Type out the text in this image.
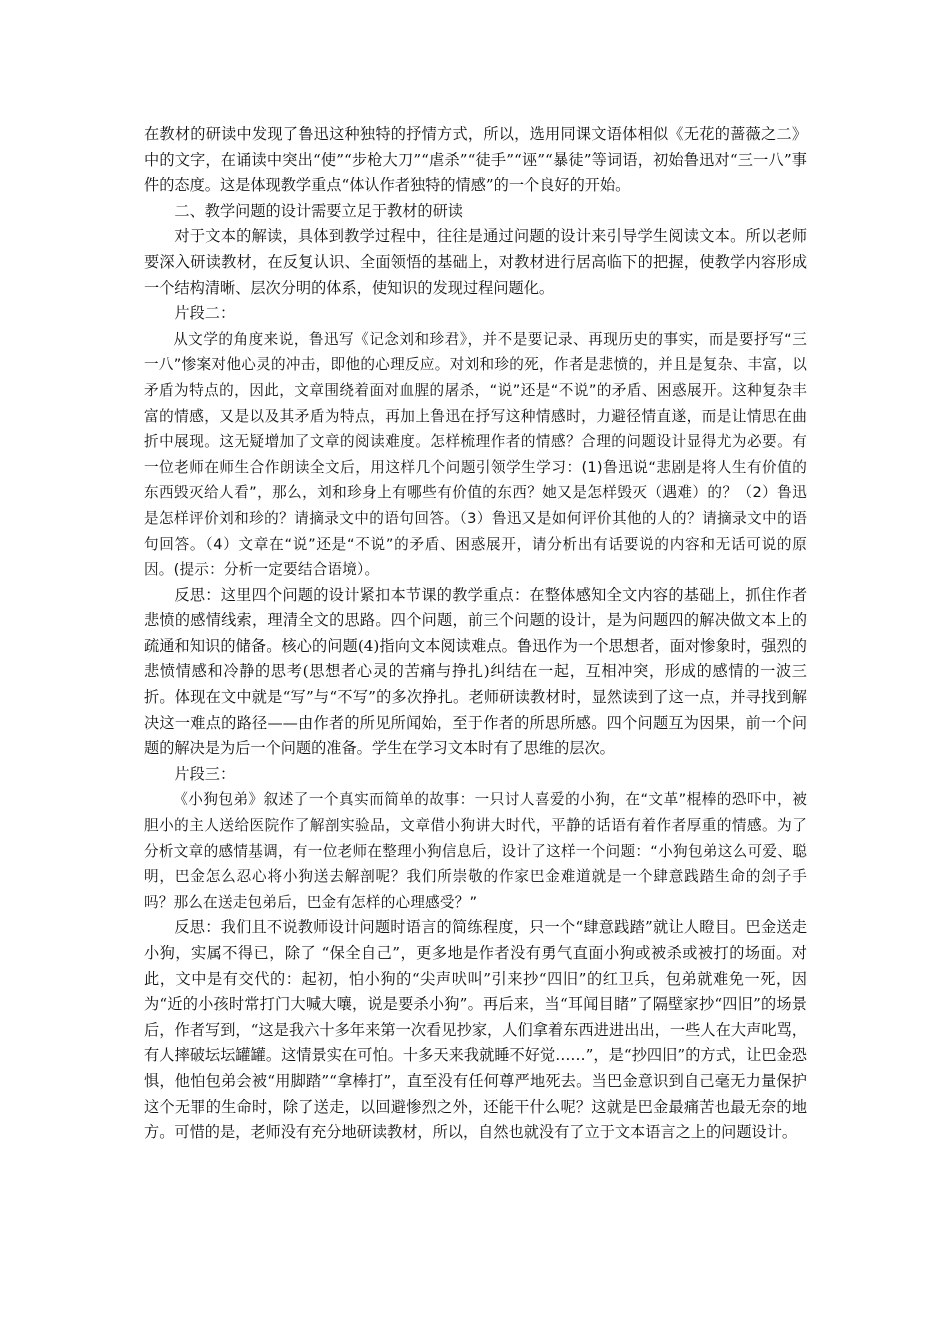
在教材的研读中发现了鲁迅这种独特的抒情方式，所以，选用同课文语体相似《无花的蔷薇之二》中的文字，在诵读中突出“使”“步枪大刀”“虐杀”“徒手”“诬”“暴徒”等词语，初始鲁迅对“三一八”事件的态度。这是体现教学重点“体认作者独特的情感”的一个良好的开始。

二、教学问题的设计需要立足于教材的研读

对于文本的解读，具体到教学过程中，往往是通过问题的设计来引导学生阅读文本。所以老师要深入研读教材，在反复认识、全面领悟的基础上，对教材进行居高临下的把握，使教学内容形成一个结构清晰、层次分明的体系，使知识的发现过程问题化。

片段二：

从文学的角度来说，鲁迅写《记念刘和珍君》，并不是要记录、再现历史的事实，而是要抒写“三一八”惨案对他心灵的冲击，即他的心理反应。对刘和珍的死，作者是悲愤的，并且是复杂、丰富，以矛盾为特点的，因此，文章围绕着面对血腥的屠杀，“说”还是“不说”的矛盾、困惑展开。这种复杂丰富的情感，又是以及其矛盾为特点，再加上鲁迅在抒写这种情感时，力避径情直遂，而是让情思在曲折中展现。这无疑增加了文章的阅读难度。怎样梳理作者的情感？合理的问题设计显得尤为必要。有一位老师在师生合作朗读全文后，用这样几个问题引领学生学习：(1)鲁迅说“悲剧是将人生有价值的东西毁灭给人看”，那么，刘和珍身上有哪些有价值的东西？她又是怎样毁灭（遇难）的？（2）鲁迅是怎样评价刘和珍的？请摘录文中的语句回答。（3）鲁迅又是如何评价其他的人的？请摘录文中的语句回答。（4）文章在“说”还是“不说”的矛盾、困惑展开，请分析出有话要说的内容和无话可说的原因。(提示：分析一定要结合语境）。

反思：这里四个问题的设计紧扣本节课的教学重点：在整体感知全文内容的基础上，抓住作者悲愤的感情线索，理清全文的思路。四个问题，前三个问题的设计，是为问题四的解决做文本上的疏通和知识的储备。核心的问题(4)指向文本阅读难点。鲁迅作为一个思想者，面对惨象时，强烈的悲愤情感和冷静的思考(思想者心灵的苦痛与挣扎)纠结在一起，互相冲突，形成的感情的一波三折。体现在文中就是“写”与“不写”的多次挣扎。老师研读教材时，显然读到了这一点，并寻找到解决这一难点的路径——由作者的所见所闻始，至于作者的所思所感。四个问题互为因果，前一个问题的解决是为后一个问题的准备。学生在学习文本时有了思维的层次。

片段三：

《小狗包弟》叙述了一个真实而简单的故事：一只讨人喜爱的小狗，在“文革”棍棒的恐吓中，被胆小的主人送给医院作了解剖实验品，文章借小狗讲大时代，平静的话语有着作者厚重的情感。为了分析文章的感情基调，有一位老师在整理小狗信息后，设计了这样一个问题：“小狗包弟这么可爱、聪明，巴金怎么忍心将小狗送去解剖呢？我们所崇敬的作家巴金难道就是一个肆意践踏生命的刽子手吗？那么在送走包弟后，巴金有怎样的心理感受？”

反思：我们且不说教师设计问题时语言的简练程度，只一个“肆意践踏”就让人瞪目。巴金送走小狗，实属不得已，除了 “保全自己”，更多地是作者没有勇气直面小狗或被杀或被打的场面。对此，文中是有交代的：起初，怕小狗的“尖声吠叫”引来抄“四旧”的红卫兵，包弟就难免一死，因为“近的小孩时常打门大喊大嚷，说是要杀小狗”。再后来，当“耳闻目睹”了隔壁家抄“四旧”的场景后，作者写到，“这是我六十多年来第一次看见抄家，人们拿着东西进进出出，一些人在大声叱骂，有人摔破坛坛罐罐。这情景实在可怕。十多天来我就睡不好觉……”，是“抄四旧”的方式，让巴金恐惧，他怕包弟会被“用脚踏”“拿棒打”，直至没有任何尊严地死去。当巴金意识到自己毫无力量保护这个无罪的生命时，除了送走，以回避惨烈之外，还能干什么呢？这就是巴金最痛苦也最无奈的地方。可惜的是，老师没有充分地研读教材，所以，自然也就没有了立于文本语言之上的问题设计。
